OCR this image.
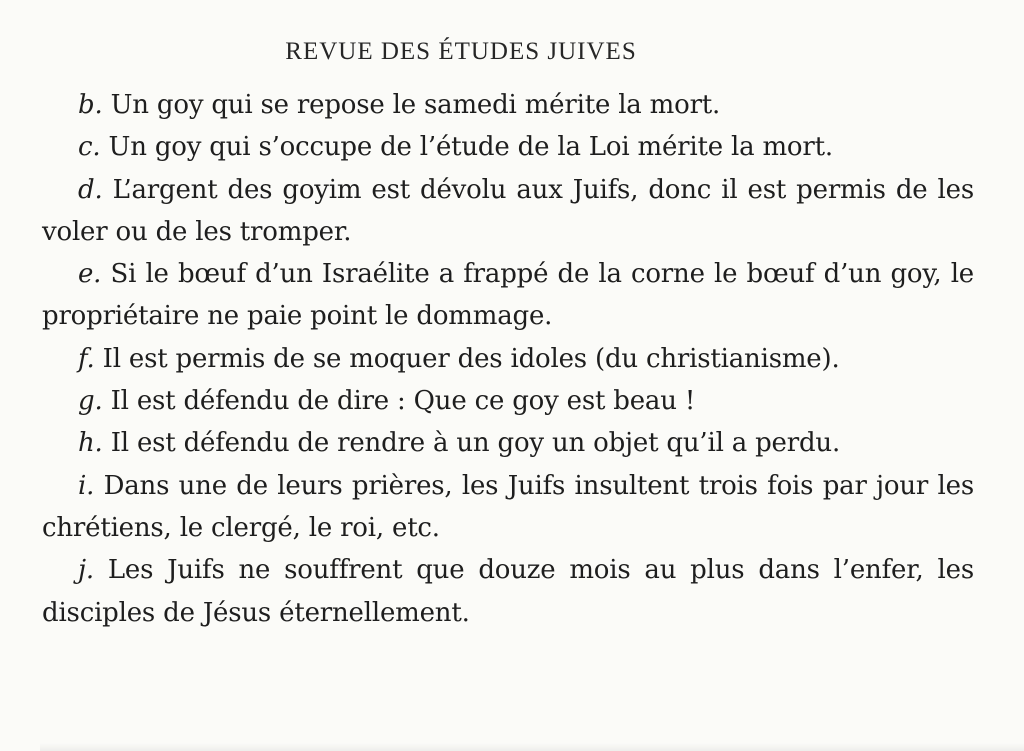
REVUE DES ÉTUDES JUIVES

b. Un goy qui se repose le samedi mérite la mort.

c. Un goy qui s’occupe de l’étude de la Loi mérite la mort.

d. L’argent des goyim est dévolu aux Juifs, donc il est permis de les voler ou de les tromper.

e. Si le bœuf d’un Israélite a frappé de la corne le bœuf d’un goy, le propriétaire ne paie point le dommage.

f. Il est permis de se moquer des idoles (du christianisme).

g. Il est défendu de dire : Que ce goy est beau !

h. Il est défendu de rendre à un goy un objet qu’il a perdu.

i. Dans une de leurs prières, les Juifs insultent trois fois par jour les chrétiens, le clergé, le roi, etc.

j. Les Juifs ne souffrent que douze mois au plus dans l’enfer, les disciples de Jésus éternellement.
